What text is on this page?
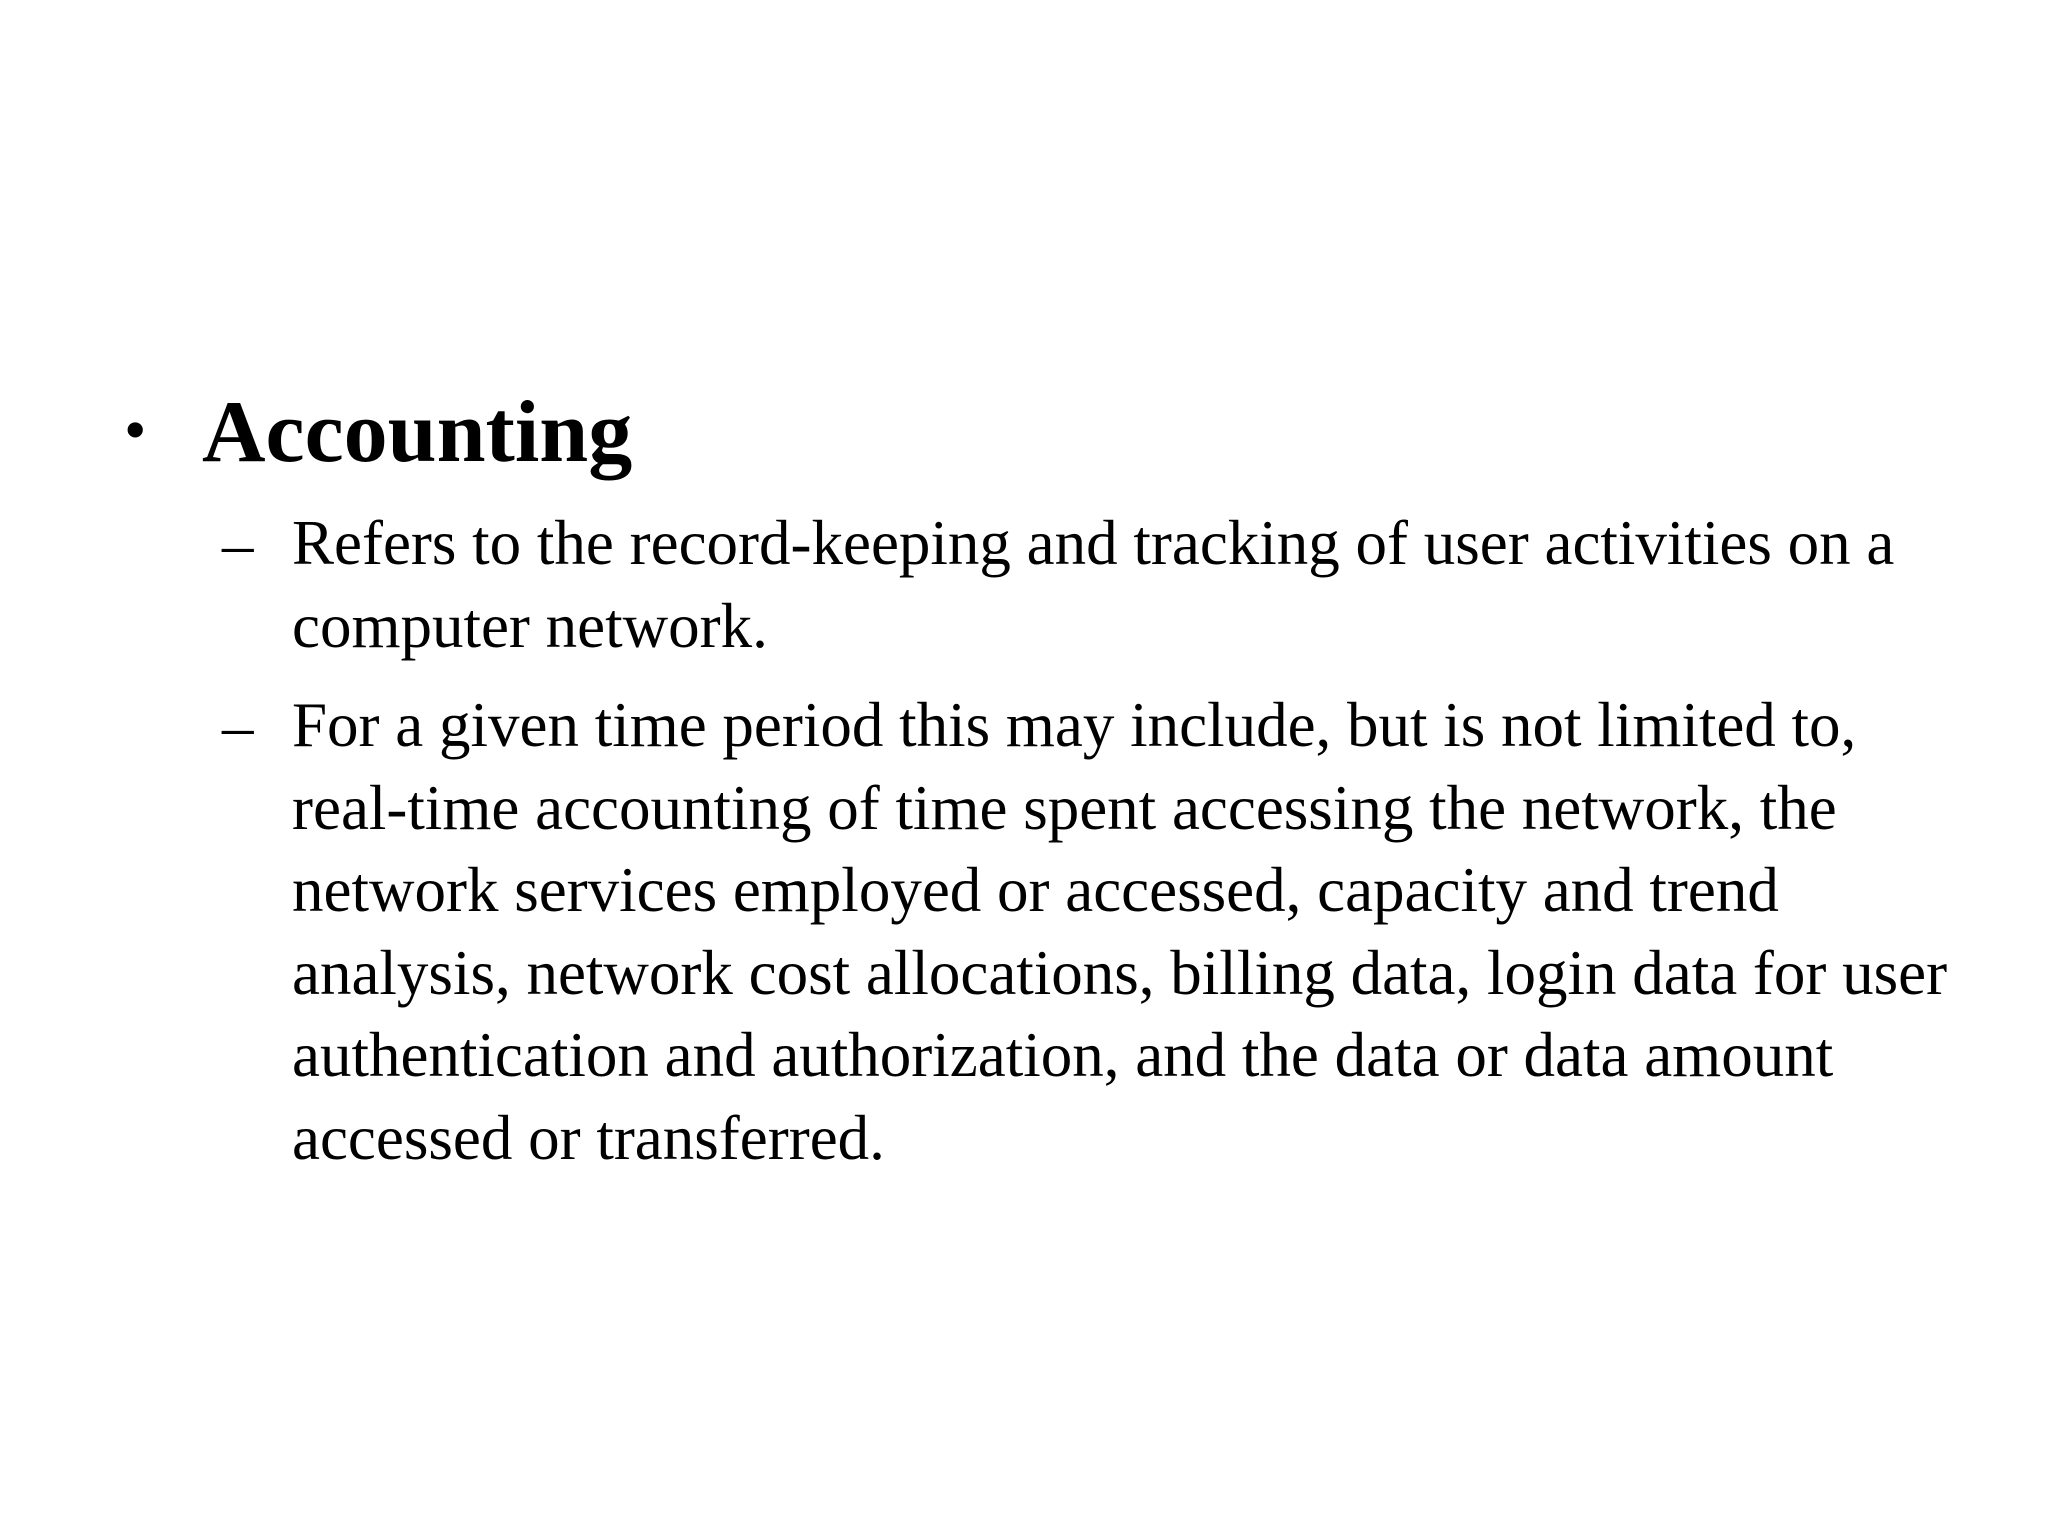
• Accounting
– Refers to the record-keeping and tracking of user activities on a computer network.

– For a given time period this may include, but is not limited to, real-time accounting of time spent accessing the network, the network services employed or accessed, capacity and trend analysis, network cost allocations, billing data, login data for user authentication and authorization, and the data or data amount accessed or transferred.
